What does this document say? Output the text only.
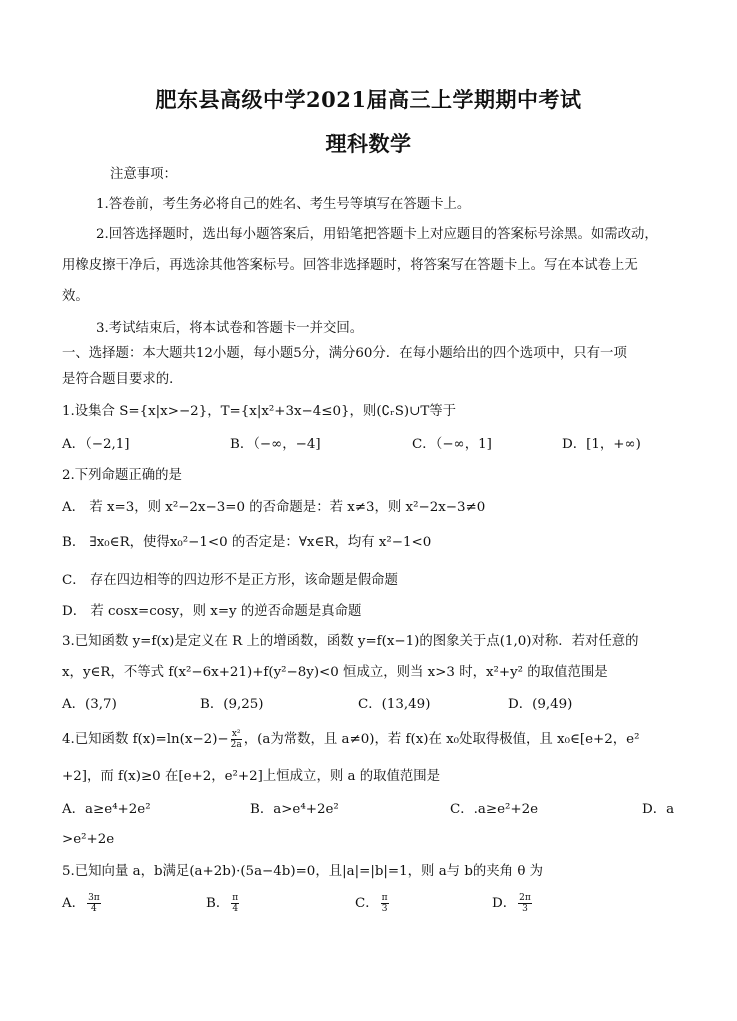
肥东县高级中学2021届高三上学期期中考试
理科数学
注意事项：
1.答卷前，考生务必将自己的姓名、考生号等填写在答题卡上。
2.回答选择题时，选出每小题答案后，用铅笔把答题卡上对应题目的答案标号涂黑。如需改动，
用橡皮擦干净后，再选涂其他答案标号。回答非选择题时，将答案写在答题卡上。写在本试卷上无
效。
3.考试结束后，将本试卷和答题卡一并交回。
一、选择题：本大题共12小题，每小题5分，满分60分．在每小题给出的四个选项中，只有一项
是符合题目要求的．
1.设集合 S={x|x>−2}，T={x|x²+3x−4≤0}，则(∁ᵣS)∪T等于
A．（−2,1]	B．（−∞，−4]	C．（−∞，1]	D．[1，+∞)
2.下列命题正确的是
A． 若 x=3，则 x²−2x−3=0 的否命题是：若 x≠3，则 x²−2x−3≠0
B． ∃x₀∈R，使得x₀²−1<0 的否定是：∀x∈R，均有 x²−1<0
C． 存在四边相等的四边形不是正方形，该命题是假命题
D． 若 cosx=cosy，则 x=y 的逆否命题是真命题
3.已知函数 y=f(x)是定义在 R 上的增函数，函数 y=f(x−1)的图象关于点(1,0)对称．若对任意的
x，y∈R，不等式 f(x²−6x+21)+f(y²−8y)<0 恒成立，则当 x>3 时，x²+y² 的取值范围是
A．(3,7)	B．(9,25)	C．(13,49)	D．(9,49)
4.已知函数 $f(x)=\ln(x-2)- \frac{\text{x²}}{2a}$ ，(a为常数，且 a≠0)，若 f(x)在 x₀处取得极值，且 x₀∈[e+2，e²
+2]，而 f(x)≥0 在[e+2，e²+2]上恒成立，则 a 的取值范围是
A．a≥e⁴+2e²	B．a>e⁴+2e²	C．.a≥e²+2e	D．a
>e²+2e
5.已知向量 a，b满足(a+2b)·(5a−4b)=0，且|a|=|b|=1，则 a与 b的夹角 θ 为
A． $\frac{3\pi}{4}$	B． $\frac{\pi}{4}$	C． $\frac{\pi}{3}$	D． $\frac{2\pi}{3}$
